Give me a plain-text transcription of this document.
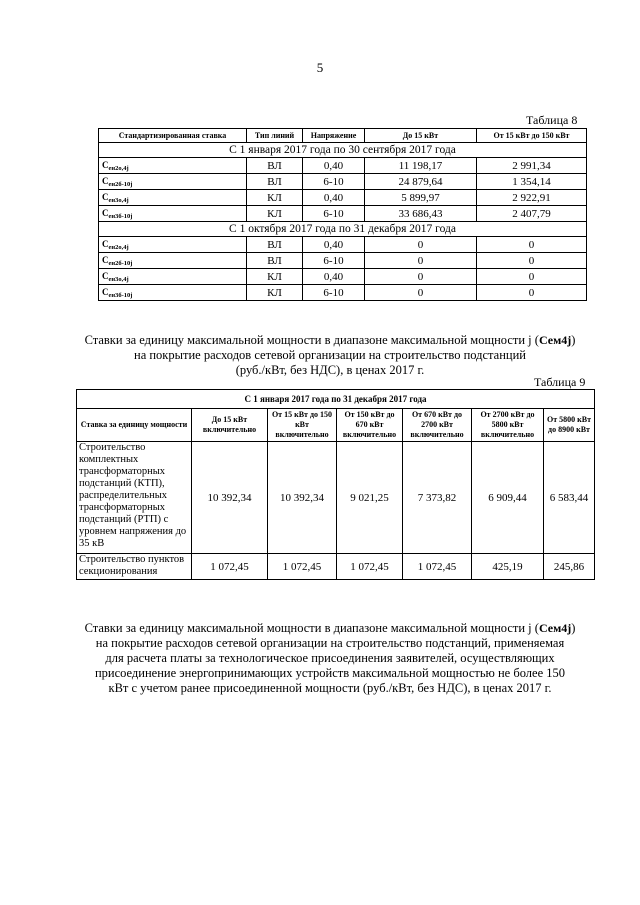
5
Таблица 8
Стандартизированная ставка	Тип линий	Напряжение	До 15 кВт	От 15 кВт до 150 кВт
С 1 января 2017 года по 30 сентября 2017 года				
$С_{ен2о,4j}$	ВЛ	0,40	11 198,17	2 991,34
$С_{ен2б-10j}$	ВЛ	6-10	24 879,64	1 354,14
$С_{ен3о,4j}$	КЛ	0,40	5 899,97	2 922,91
$С_{ен3б-10j}$	КЛ	6-10	33 686,43	2 407,79
С 1 октября 2017 года по 31 декабря 2017 года				
$С_{ен2о,4j}$	ВЛ	0,40	0	0
$С_{ен2б-10j}$	ВЛ	6-10	0	0
$С_{ен3о,4j}$	КЛ	0,40	0	0
$С_{ен3б-10j}$	КЛ	6-10	0	0
Ставки за единицу максимальной мощности в диапазоне максимальной мощности j (Сем4j)
на покрытие расходов сетевой организации на строительство подстанций
(руб./кВт, без НДС), в ценах 2017 г.
Таблица 9
С 1 января 2017 года по 31 декабря 2017 года						
Ставка за единицу мощности	До 15 кВт включительно	От 15 кВт до 150 кВт включительно	От 150 кВт до 670 кВт включительно	От 670 кВт до 2700 кВт включительно	От 2700 кВт до 5800 кВт включительно	От 5800 кВт до 8900 кВт
Строительство комплектных трансформаторных подстанций (КТП), распределительных трансформаторных подстанций (РТП) с уровнем напряжения до 35 кВ	10 392,34	10 392,34	9 021,25	7 373,82	6 909,44	6 583,44
Строительство пунктов секционирования	1 072,45	1 072,45	1 072,45	1 072,45	425,19	245,86
Ставки за единицу максимальной мощности в диапазоне максимальной мощности j (Сем4j)
на покрытие расходов сетевой организации на строительство подстанций, применяемая
для расчета платы за технологическое присоединения заявителей, осуществляющих
присоединение энергопринимающих устройств максимальной мощностью не более 150
кВт с учетом ранее присоединенной мощности (руб./кВт, без НДС), в ценах 2017 г.
